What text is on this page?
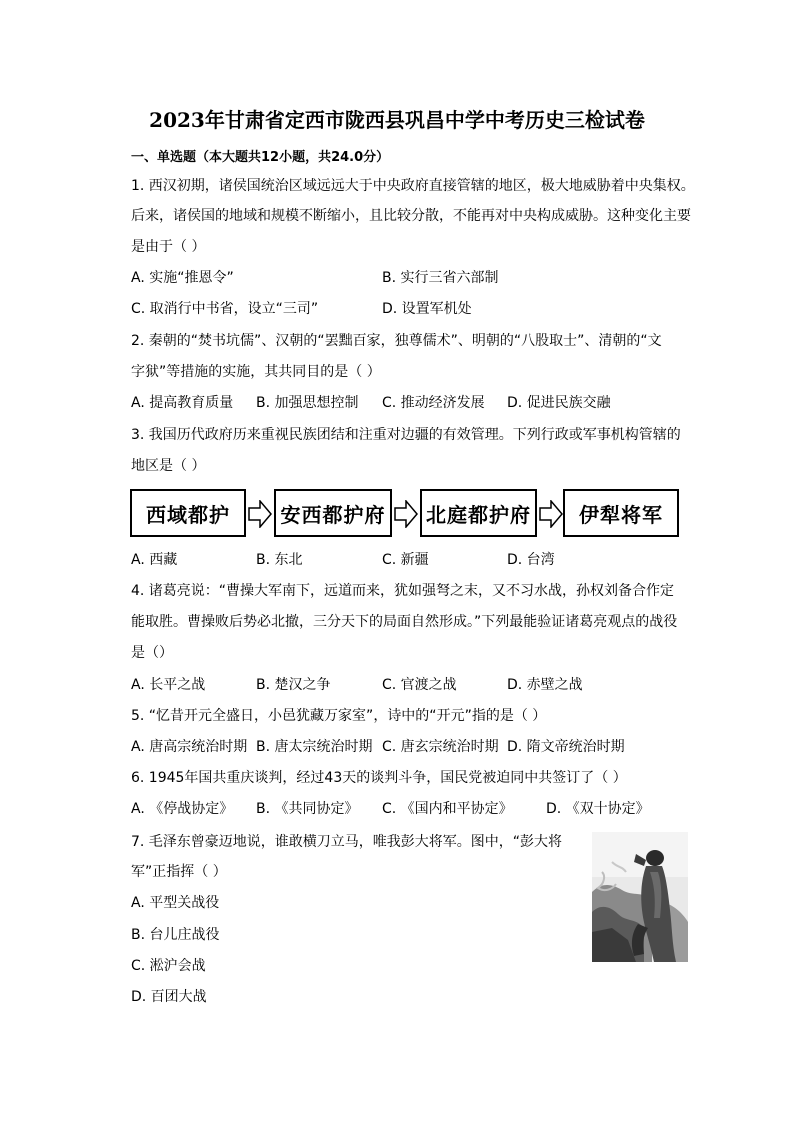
2023年甘肃省定西市陇西县巩昌中学中考历史三检试卷
一、单选题（本大题共12小题，共24.0分）
1. 西汉初期，诸侯国统治区域远远大于中央政府直接管辖的地区，极大地威胁着中央集权。
后来，诸侯国的地域和规模不断缩小，且比较分散，不能再对中央构成威胁。这种变化主要
是由于（ ）
A. 实施“推恩令”	B. 实行三省六部制
C. 取消行中书省，设立“三司”	D. 设置军机处
2. 秦朝的“焚书坑儒”、汉朝的“罢黜百家，独尊儒术”、明朝的“八股取士”、清朝的“文
字狱”等措施的实施，其共同目的是（ ）
A. 提高教育质量 B. 加强思想控制 C. 推动经济发展 D. 促进民族交融
3. 我国历代政府历来重视民族团结和注重对边疆的有效管理。下列行政或军事机构管辖的
地区是（ ）
西域都护	安西都护府	北庭都护府	伊犁将军
A. 西藏	B. 东北	C. 新疆	D. 台湾
4. 诸葛亮说：“曹操大军南下，远道而来，犹如强弩之末，又不习水战，孙权刘备合作定
能取胜。曹操败后势必北撤，三分天下的局面自然形成。”下列最能验证诸葛亮观点的战役
是（）
A. 长平之战	B. 楚汉之争	C. 官渡之战	D. 赤壁之战
5. “忆昔开元全盛日，小邑犹藏万家室”，诗中的“开元”指的是（ ）
A. 唐高宗统治时期 B. 唐太宗统治时期 C. 唐玄宗统治时期 D. 隋文帝统治时期
6. 1945年国共重庆谈判，经过43天的谈判斗争，国民党被迫同中共签订了（ ）
A. 《停战协定》 B. 《共同协定》 C. 《国内和平协定》 D. 《双十协定》
7. 毛泽东曾豪迈地说，谁敢横刀立马，唯我彭大将军。图中，“彭大将
军”正指挥（ ）
A. 平型关战役
B. 台儿庄战役
C. 淞沪会战
D. 百团大战
